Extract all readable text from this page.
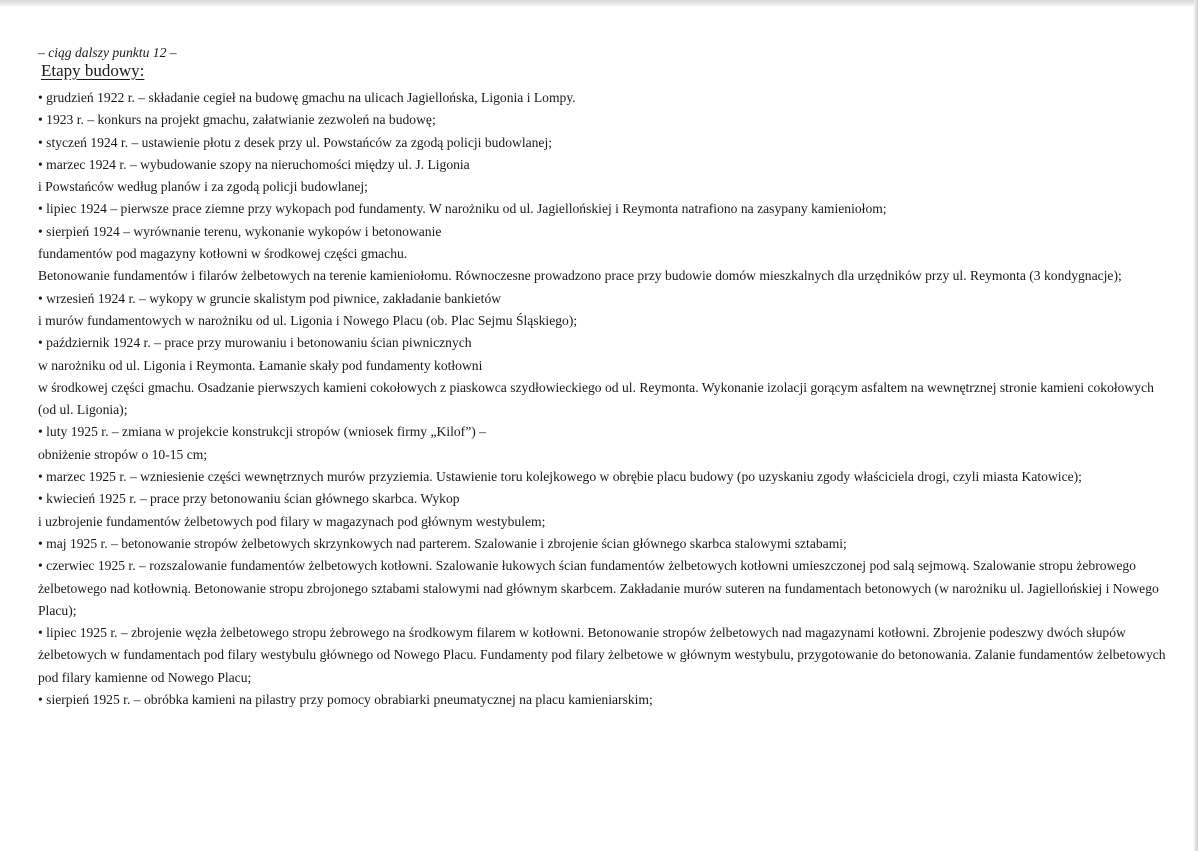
– ciąg dalszy punktu 12 –

Etapy budowy:

• grudzień 1922 r. – składanie cegieł na budowę gmachu na ulicach Jagiellońska, Ligonia i Lompy.

• 1923 r. – konkurs na projekt gmachu, załatwianie zezwoleń na budowę;

• styczeń 1924 r. – ustawienie płotu z desek przy ul. Powstańców za zgodą policji budowlanej;

• marzec 1924 r. – wybudowanie szopy na nieruchomości między ul. J. Ligonia

i Powstańców według planów i za zgodą policji budowlanej;

• lipiec 1924 – pierwsze prace ziemne przy wykopach pod fundamenty. W narożniku od ul. Jagiellońskiej i Reymonta natrafiono na zasypany kamieniołom;

• sierpień 1924 – wyrównanie terenu, wykonanie wykopów i betonowanie

fundamentów pod magazyny kotłowni w środkowej części gmachu.

Betonowanie fundamentów i filarów żelbetowych na terenie kamieniołomu. Równoczesne prowadzono prace przy budowie domów mieszkalnych dla urzędników przy ul. Reymonta (3 kondygnacje);

• wrzesień 1924 r. – wykopy w gruncie skalistym pod piwnice, zakładanie bankietów

i murów fundamentowych w narożniku od ul. Ligonia i Nowego Placu (ob. Plac Sejmu Śląskiego);

• październik 1924 r. – prace przy murowaniu i betonowaniu ścian piwnicznych

w narożniku od ul. Ligonia i Reymonta. Łamanie skały pod fundamenty kotłowni

w środkowej części gmachu. Osadzanie pierwszych kamieni cokołowych z piaskowca szydłowieckiego od ul. Reymonta. Wykonanie izolacji gorącym asfaltem na wewnętrznej stronie kamieni cokołowych (od ul. Ligonia);

• luty 1925 r. – zmiana w projekcie konstrukcji stropów (wniosek firmy „Kilof”) –

obniżenie stropów o 10-15 cm;

• marzec 1925 r. – wzniesienie części wewnętrznych murów przyziemia. Ustawienie toru kolejkowego w obrębie placu budowy (po uzyskaniu zgody właściciela drogi, czyli miasta Katowice);

• kwiecień 1925 r. – prace przy betonowaniu ścian głównego skarbca. Wykop

i uzbrojenie fundamentów żelbetowych pod filary w magazynach pod głównym westybulem;

• maj 1925 r. – betonowanie stropów żelbetowych skrzynkowych nad parterem. Szalowanie i zbrojenie ścian głównego skarbca stalowymi sztabami;

• czerwiec 1925 r. – rozszalowanie fundamentów żelbetowych kotłowni. Szalowanie łukowych ścian fundamentów żelbetowych kotłowni umieszczonej pod salą sejmową. Szalowanie stropu żebrowego żelbetowego nad kotłownią. Betonowanie stropu zbrojonego sztabami stalowymi nad głównym skarbcem. Zakładanie murów suteren na fundamentach betonowych (w narożniku ul. Jagiellońskiej i Nowego Placu);

• lipiec 1925 r. – zbrojenie węzła żelbetowego stropu żebrowego na środkowym filarem w kotłowni. Betonowanie stropów żelbetowych nad magazynami kotłowni. Zbrojenie podeszwy dwóch słupów żelbetowych w fundamentach pod filary westybulu głównego od Nowego Placu. Fundamenty pod filary żelbetowe w głównym westybulu, przygotowanie do betonowania. Zalanie fundamentów żelbetowych pod filary kamienne od Nowego Placu;

• sierpień 1925 r. – obróbka kamieni na pilastry przy pomocy obrabiarki pneumatycznej na placu kamieniarskim;
